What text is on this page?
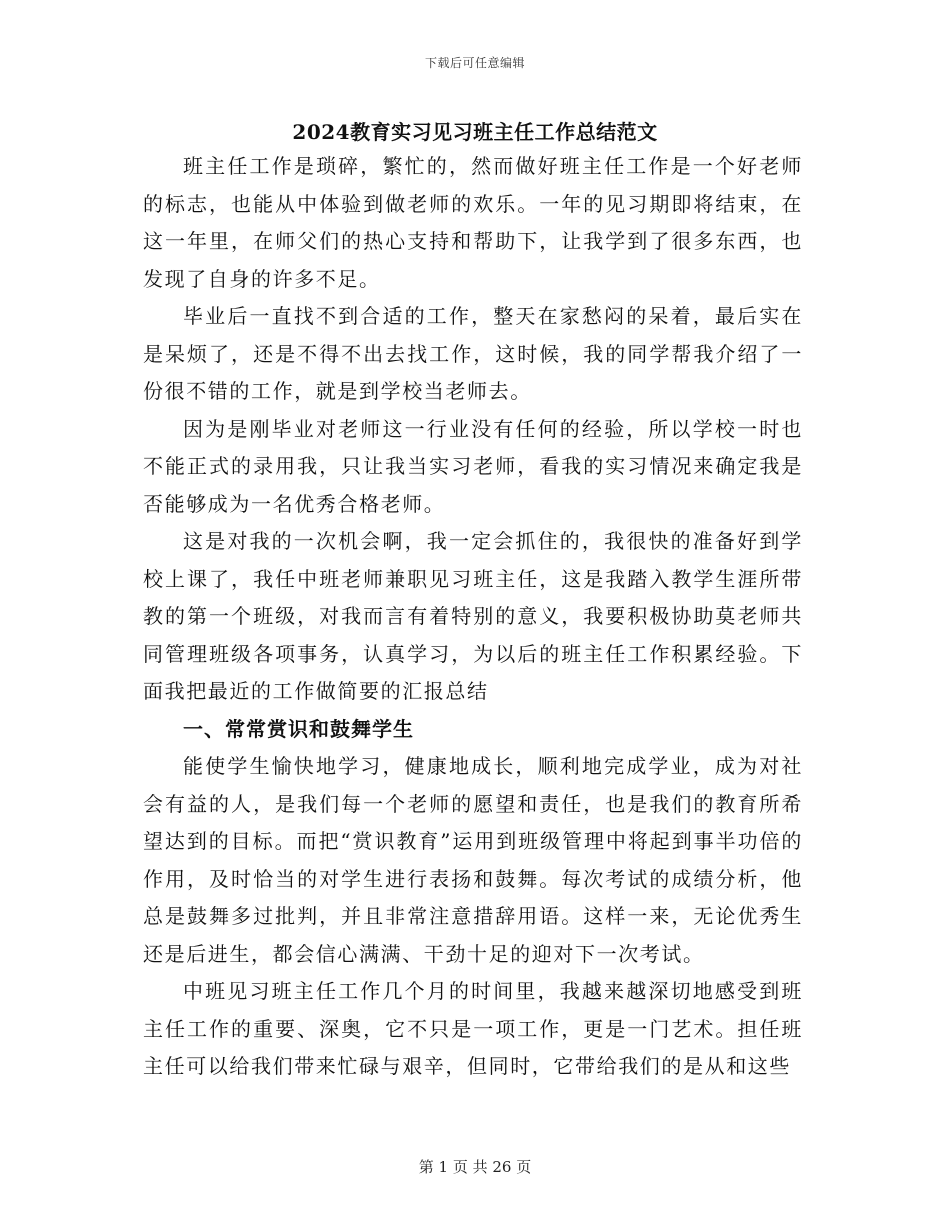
下载后可任意编辑
2024教育实习见习班主任工作总结范文

班主任工作是琐碎，繁忙的，然而做好班主任工作是一个好老师的标志，也能从中体验到做老师的欢乐。一年的见习期即将结束，在这一年里，在师父们的热心支持和帮助下，让我学到了很多东西，也发现了自身的许多不足。

毕业后一直找不到合适的工作，整天在家愁闷的呆着，最后实在是呆烦了，还是不得不出去找工作，这时候，我的同学帮我介绍了一份很不错的工作，就是到学校当老师去。

因为是刚毕业对老师这一行业没有任何的经验，所以学校一时也不能正式的录用我，只让我当实习老师，看我的实习情况来确定我是否能够成为一名优秀合格老师。

这是对我的一次机会啊，我一定会抓住的，我很快的准备好到学校上课了，我任中班老师兼职见习班主任，这是我踏入教学生涯所带教的第一个班级，对我而言有着特别的意义，我要积极协助莫老师共同管理班级各项事务，认真学习，为以后的班主任工作积累经验。下面我把最近的工作做简要的汇报总结

一、常常赏识和鼓舞学生

能使学生愉快地学习，健康地成长，顺利地完成学业，成为对社会有益的人，是我们每一个老师的愿望和责任，也是我们的教育所希望达到的目标。而把“赏识教育”运用到班级管理中将起到事半功倍的作用，及时恰当的对学生进行表扬和鼓舞。每次考试的成绩分析，他总是鼓舞多过批判，并且非常注意措辞用语。这样一来，无论优秀生还是后进生，都会信心满满、干劲十足的迎对下一次考试。

中班见习班主任工作几个月的时间里，我越来越深切地感受到班主任工作的重要、深奥，它不只是一项工作，更是一门艺术。担任班主任可以给我们带来忙碌与艰辛，但同时，它带给我们的是从和这些

第 1 页 共 26 页
